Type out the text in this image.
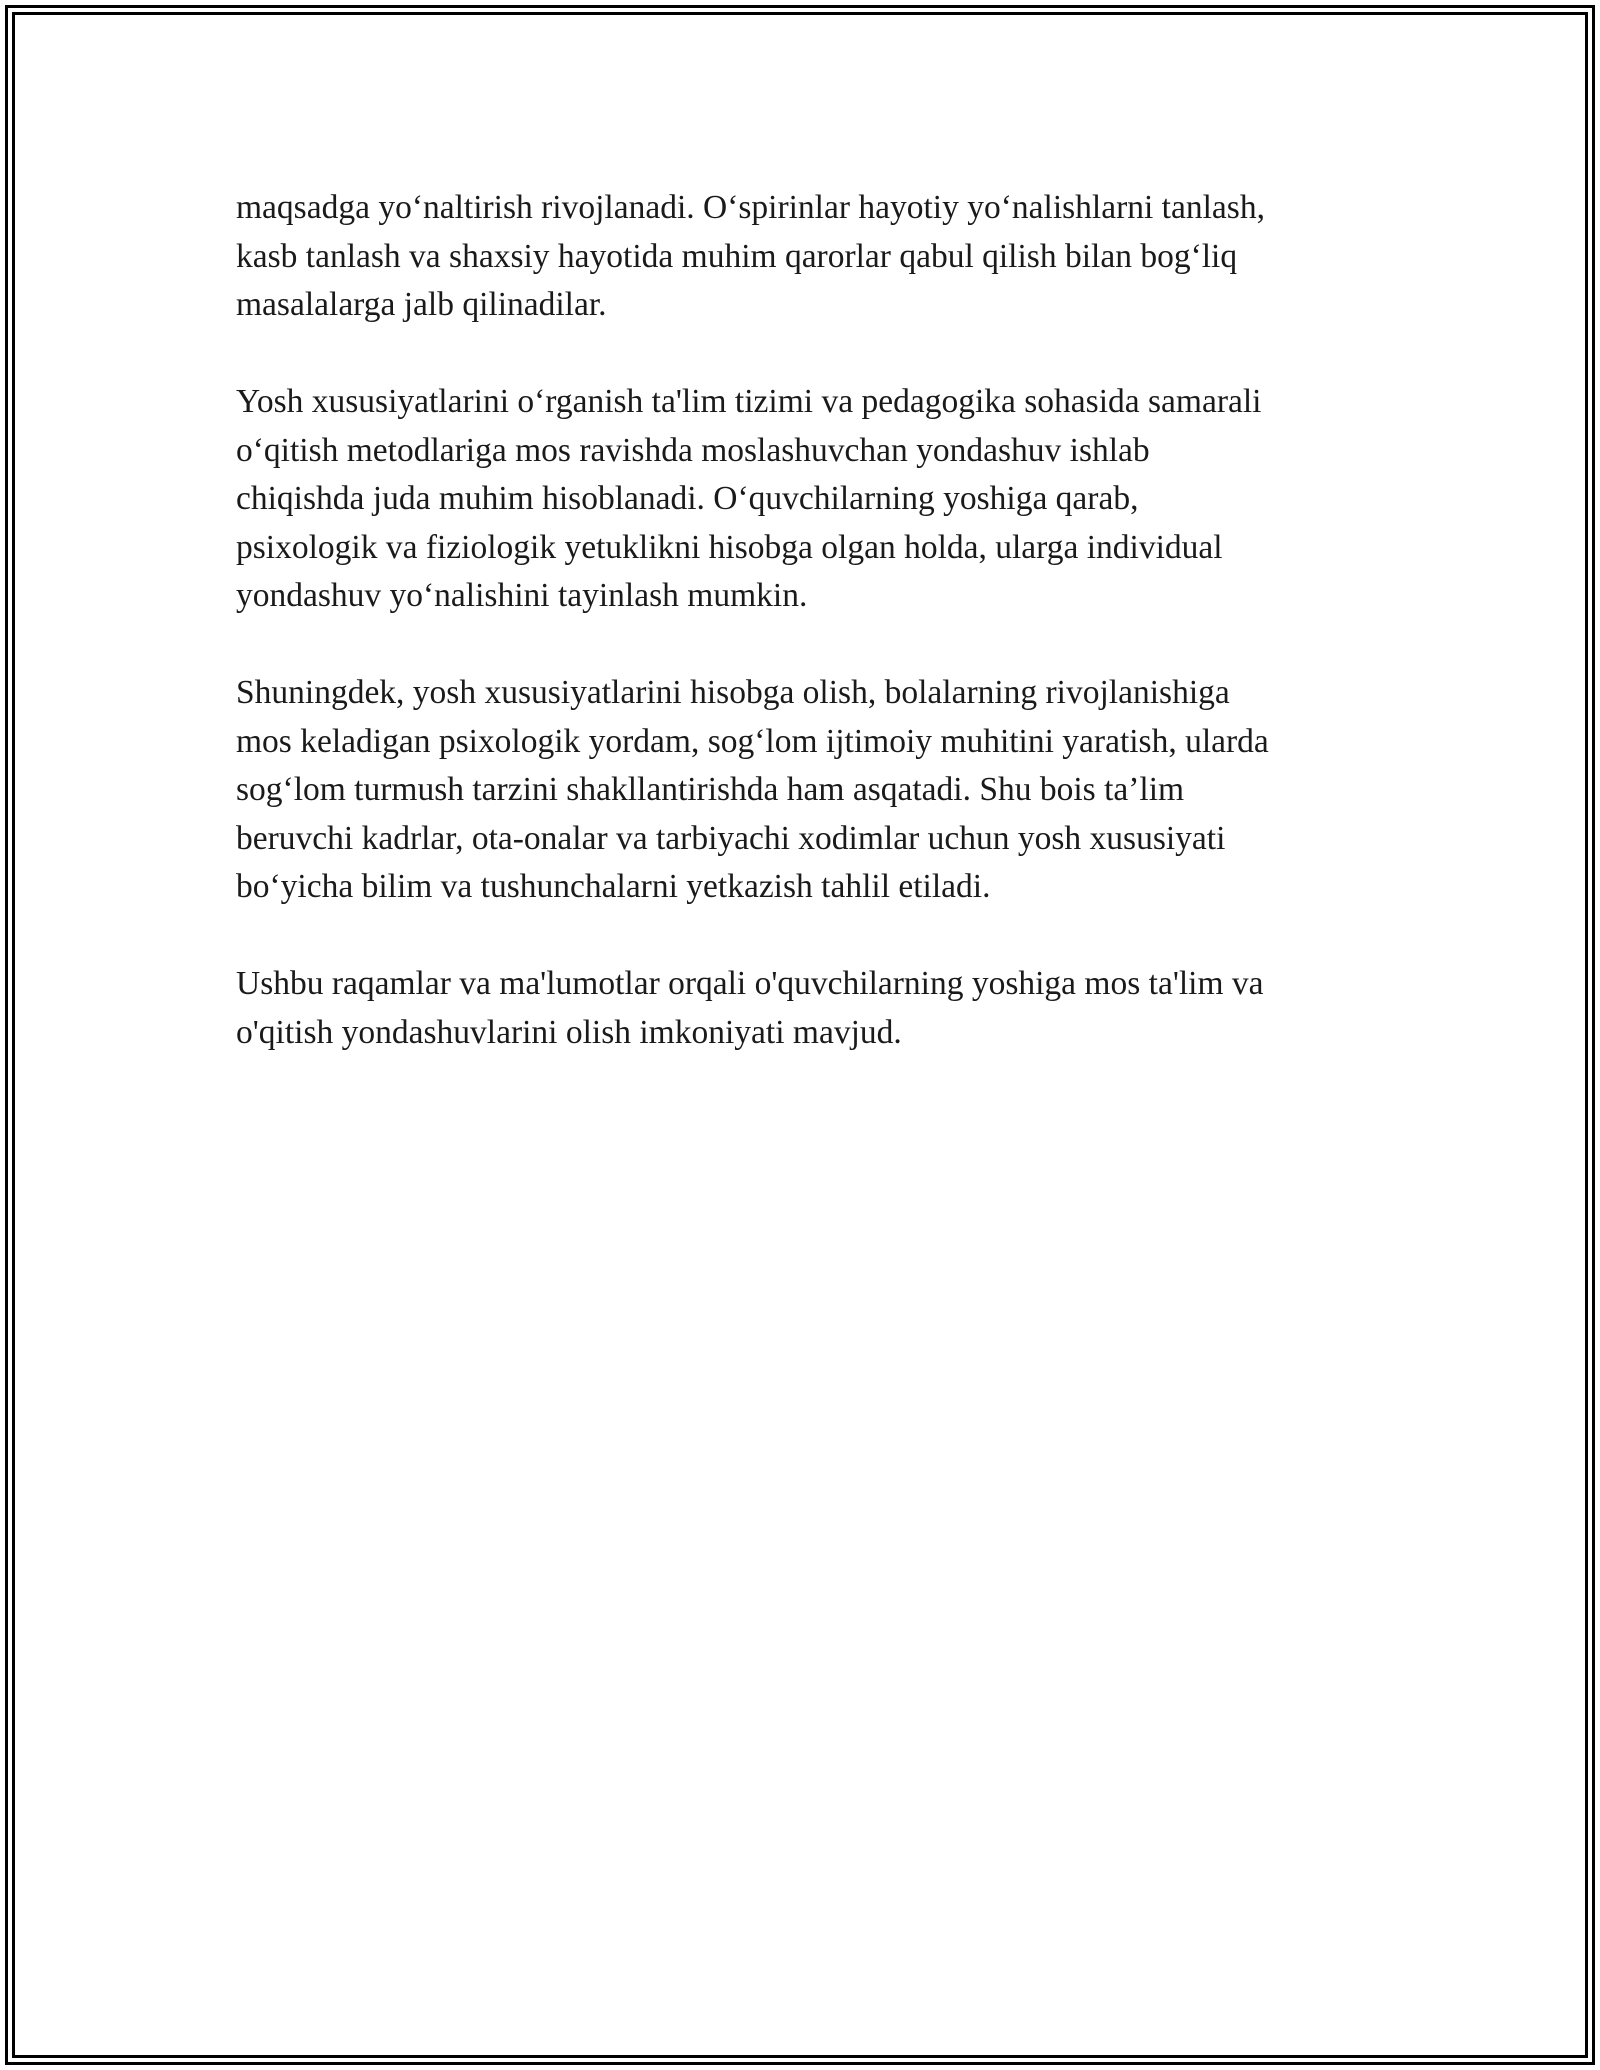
maqsadga yo‘naltirish rivojlanadi. O‘spirinlar hayotiy yo‘nalishlarni tanlash,
kasb tanlash va shaxsiy hayotida muhim qarorlar qabul qilish bilan bog‘liq
masalalarga jalb qilinadilar.

Yosh xususiyatlarini o‘rganish ta'lim tizimi va pedagogika sohasida samarali
o‘qitish metodlariga mos ravishda moslashuvchan yondashuv ishlab
chiqishda juda muhim hisoblanadi. O‘quvchilarning yoshiga qarab,
psixologik va fiziologik yetuklikni hisobga olgan holda, ularga individual
yondashuv yo‘nalishini tayinlash mumkin.

Shuningdek, yosh xususiyatlarini hisobga olish, bolalarning rivojlanishiga
mos keladigan psixologik yordam, sog‘lom ijtimoiy muhitini yaratish, ularda
sog‘lom turmush tarzini shakllantirishda ham asqatadi. Shu bois ta’lim
beruvchi kadrlar, ota-onalar va tarbiyachi xodimlar uchun yosh xususiyati
bo‘yicha bilim va tushunchalarni yetkazish tahlil etiladi.

Ushbu raqamlar va ma'lumotlar orqali o'quvchilarning yoshiga mos ta'lim va
o'qitish yondashuvlarini olish imkoniyati mavjud.
